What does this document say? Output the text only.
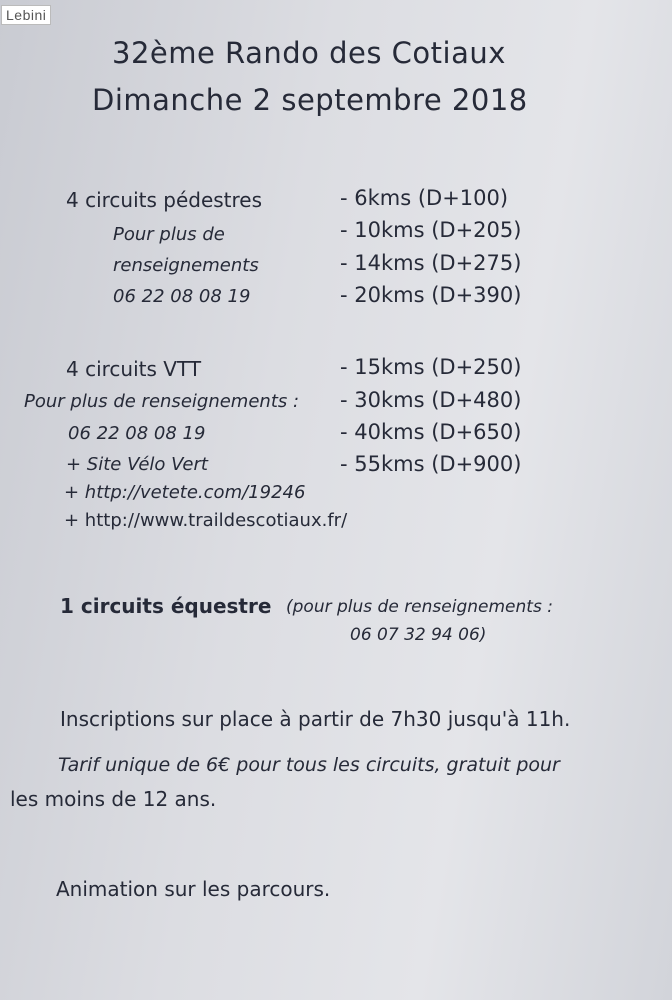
Lebini
32ème Rando des Cotiaux
Dimanche 2 septembre 2018
4 circuits pédestres
Pour plus de
renseignements
06 22 08 08 19
- 6kms (D+100)
- 10kms (D+205)
- 14kms (D+275)
- 20kms (D+390)
4 circuits VTT
Pour plus de renseignements :
06 22 08 08 19
+ Site Vélo Vert
- 15kms (D+250)
- 30kms (D+480)
- 40kms (D+650)
- 55kms (D+900)
+ http://vetete.com/19246
+ http://www.traildescotiaux.fr/
1 circuits équestre (pour plus de renseignements :
06 07 32 94 06)
Inscriptions sur place à partir de 7h30 jusqu'à 11h.
Tarif unique de 6€ pour tous les circuits, gratuit pour
les moins de 12 ans.
Animation sur les parcours.
